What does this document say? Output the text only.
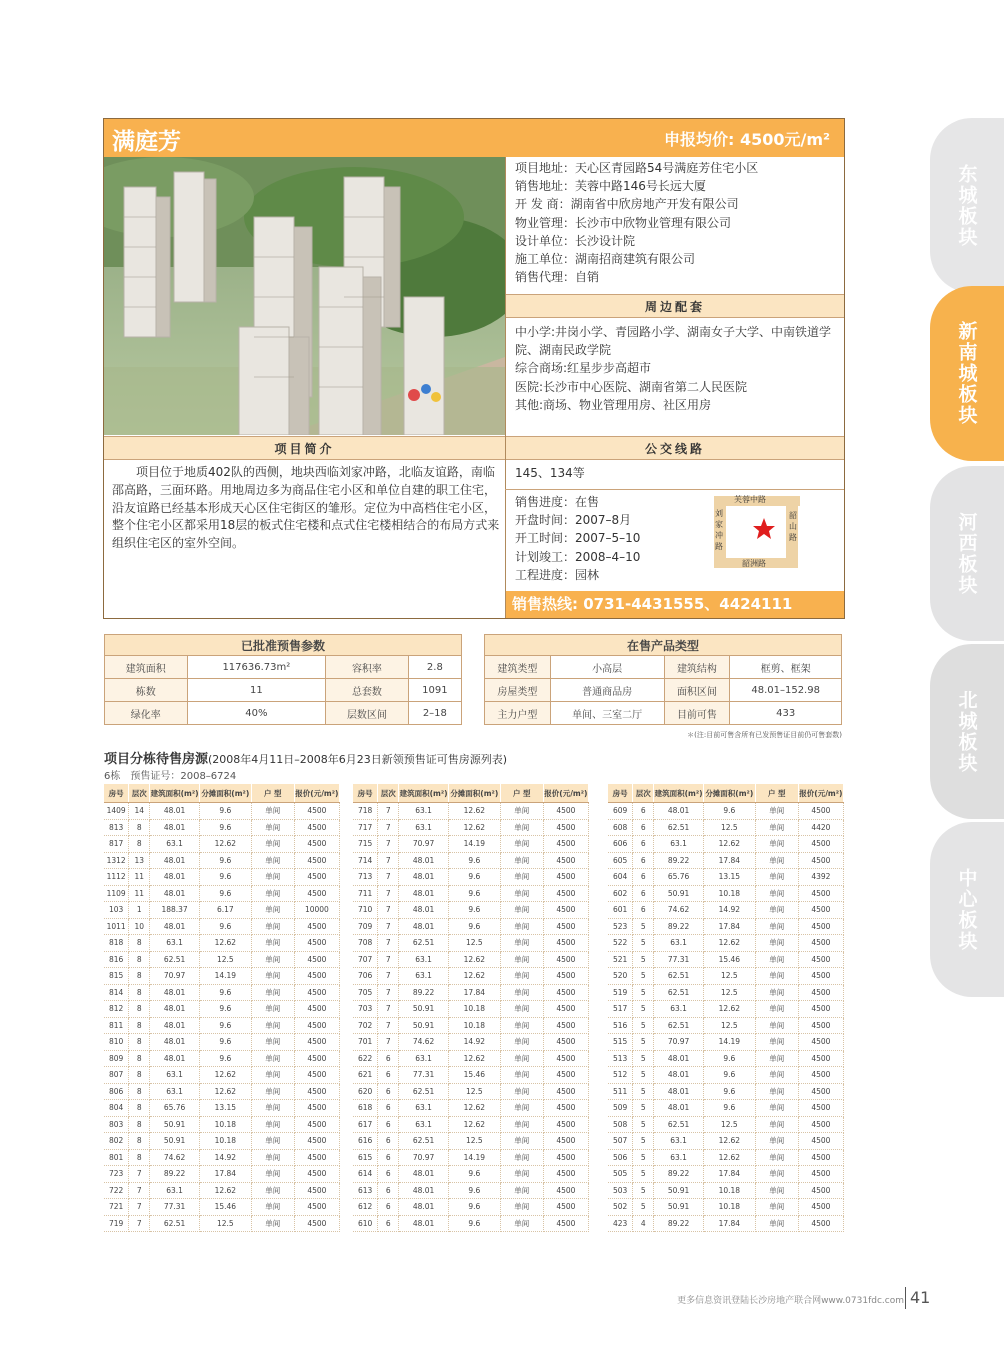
东城板块
新南城板块
河西板块
北城板块
中心板块
满庭芳	申报均价: 4500元/m²
项目地址：天心区青园路54号满庭芳住宅小区
销售地址：芙蓉中路146号长远大厦
开 发 商：湖南省中欣房地产开发有限公司
物业管理：长沙市中欣物业管理有限公司
设计单位：长沙设计院
施工单位：湖南招商建筑有限公司
销售代理：自销
周边配套
中小学:井岗小学、青园路小学、湖南女子大学、中南铁道学院、湖南民政学院
综合商场:红星步步高超市
医院:长沙市中心医院、湖南省第二人民医院
其他:商场、物业管理用房、社区用房
项目简介	公交线路
项目位于地质402队的西侧，地块西临刘家冲路，北临友谊路，南临邵高路，三面环路。用地周边多为商品住宅小区和单位自建的职工住宅，沿友谊路已经基本形成天心区住宅街区的雏形。定位为中高档住宅小区，整个住宅小区都采用18层的板式住宅楼和点式住宅楼相结合的布局方式来组织住宅区的室外空间。
145、134等
销售进度：在售
开盘时间：2007–8月
开工时间：2007–5–10
计划竣工：2008–4–10
工程进度：园林
芙蓉中路
刘家冲路
韶山路
韶洲路
销售热线: 0731-4431555、4424111
已批准预售参数			
建筑面积	117636.73m²	容积率	2.8
栋数	11	总套数	1091
绿化率	40%	层数区间	2–18
在售产品类型			
建筑类型	小高层	建筑结构	框剪、框架
房屋类型	普通商品房	面积区间	48.01–152.98
主力户型	单间、三室二厅	目前可售	433
＊(注:目前可售含所有已发预售证目前仍可售套数)
项目分栋待售房源(2008年4月11日–2008年6月23日新领预售证可售房源列表)
6栋　预售证号：2008–6724
房号	层次	建筑面积(m²)	分摊面积(m²)	户 型	报价(元/m²)
1409	14	48.01	9.6	单间	4500
813	8	48.01	9.6	单间	4500
817	8	63.1	12.62	单间	4500
1312	13	48.01	9.6	单间	4500
1112	11	48.01	9.6	单间	4500
1109	11	48.01	9.6	单间	4500
103	1	188.37	6.17	单间	10000
1011	10	48.01	9.6	单间	4500
818	8	63.1	12.62	单间	4500
816	8	62.51	12.5	单间	4500
815	8	70.97	14.19	单间	4500
814	8	48.01	9.6	单间	4500
812	8	48.01	9.6	单间	4500
811	8	48.01	9.6	单间	4500
810	8	48.01	9.6	单间	4500
809	8	48.01	9.6	单间	4500
807	8	63.1	12.62	单间	4500
806	8	63.1	12.62	单间	4500
804	8	65.76	13.15	单间	4500
803	8	50.91	10.18	单间	4500
802	8	50.91	10.18	单间	4500
801	8	74.62	14.92	单间	4500
723	7	89.22	17.84	单间	4500
722	7	63.1	12.62	单间	4500
721	7	77.31	15.46	单间	4500
719	7	62.51	12.5	单间	4500
房号	层次	建筑面积(m²)	分摊面积(m²)	户 型	报价(元/m²)
718	7	63.1	12.62	单间	4500
717	7	63.1	12.62	单间	4500
715	7	70.97	14.19	单间	4500
714	7	48.01	9.6	单间	4500
713	7	48.01	9.6	单间	4500
711	7	48.01	9.6	单间	4500
710	7	48.01	9.6	单间	4500
709	7	48.01	9.6	单间	4500
708	7	62.51	12.5	单间	4500
707	7	63.1	12.62	单间	4500
706	7	63.1	12.62	单间	4500
705	7	89.22	17.84	单间	4500
703	7	50.91	10.18	单间	4500
702	7	50.91	10.18	单间	4500
701	7	74.62	14.92	单间	4500
622	6	63.1	12.62	单间	4500
621	6	77.31	15.46	单间	4500
620	6	62.51	12.5	单间	4500
618	6	63.1	12.62	单间	4500
617	6	63.1	12.62	单间	4500
616	6	62.51	12.5	单间	4500
615	6	70.97	14.19	单间	4500
614	6	48.01	9.6	单间	4500
613	6	48.01	9.6	单间	4500
612	6	48.01	9.6	单间	4500
610	6	48.01	9.6	单间	4500
房号	层次	建筑面积(m²)	分摊面积(m²)	户 型	报价(元/m²)
609	6	48.01	9.6	单间	4500
608	6	62.51	12.5	单间	4420
606	6	63.1	12.62	单间	4500
605	6	89.22	17.84	单间	4500
604	6	65.76	13.15	单间	4392
602	6	50.91	10.18	单间	4500
601	6	74.62	14.92	单间	4500
523	5	89.22	17.84	单间	4500
522	5	63.1	12.62	单间	4500
521	5	77.31	15.46	单间	4500
520	5	62.51	12.5	单间	4500
519	5	62.51	12.5	单间	4500
517	5	63.1	12.62	单间	4500
516	5	62.51	12.5	单间	4500
515	5	70.97	14.19	单间	4500
513	5	48.01	9.6	单间	4500
512	5	48.01	9.6	单间	4500
511	5	48.01	9.6	单间	4500
509	5	48.01	9.6	单间	4500
508	5	62.51	12.5	单间	4500
507	5	63.1	12.62	单间	4500
506	5	63.1	12.62	单间	4500
505	5	89.22	17.84	单间	4500
503	5	50.91	10.18	单间	4500
502	5	50.91	10.18	单间	4500
423	4	89.22	17.84	单间	4500
更多信息资讯登陆长沙房地产联合网www.0731fdc.com 41
